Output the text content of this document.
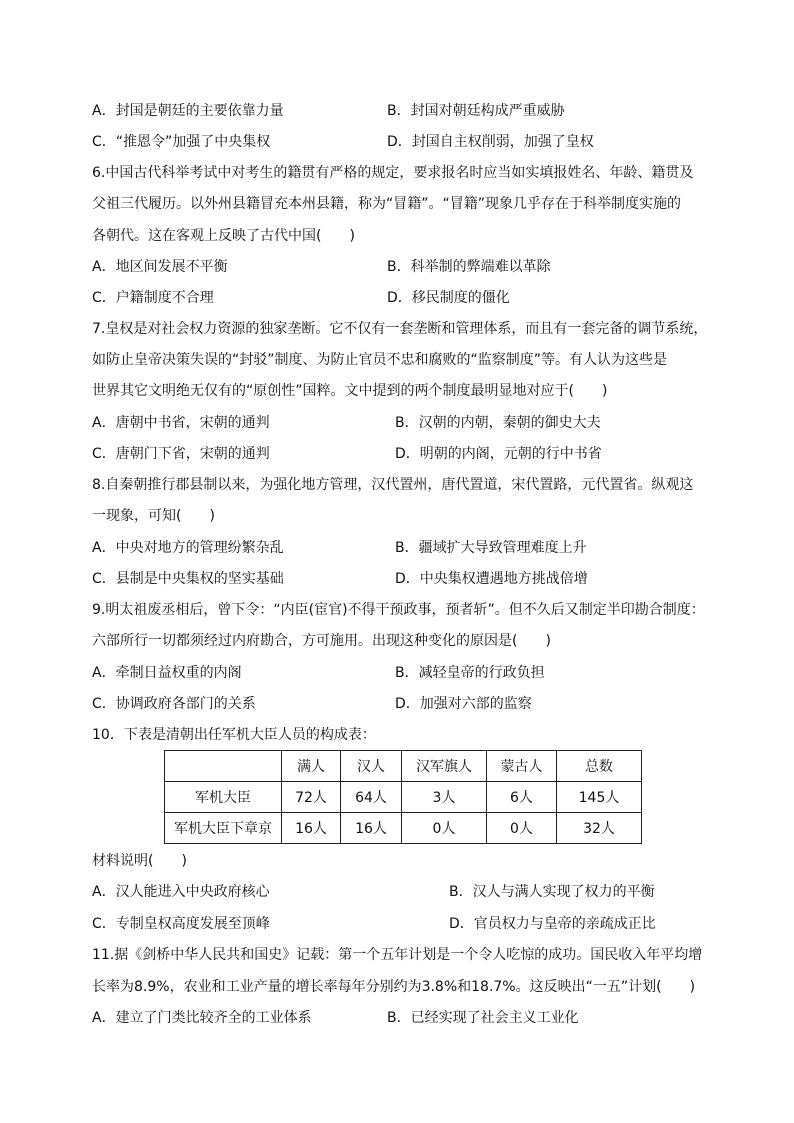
A．封国是朝廷的主要依靠力量	B．封国对朝廷构成严重威胁
C．“推恩令”加强了中央集权	D．封国自主权削弱，加强了皇权
6.中国古代科举考试中对考生的籍贯有严格的规定，要求报名时应当如实填报姓名、年龄、籍贯及
父祖三代履历。以外州县籍冒充本州县籍，称为“冒籍”。“冒籍”现象几乎存在于科举制度实施的
各朝代。这在客观上反映了古代中国(　　)
A．地区间发展不平衡	B．科举制的弊端难以革除
C．户籍制度不合理	D．移民制度的僵化
7.皇权是对社会权力资源的独家垄断。它不仅有一套垄断和管理体系，而且有一套完备的调节系统，
如防止皇帝决策失误的“封驳”制度、为防止官员不忠和腐败的“监察制度”等。有人认为这些是
世界其它文明绝无仅有的“原创性”国粹。文中提到的两个制度最明显地对应于(　　)
A．唐朝中书省，宋朝的通判	B．汉朝的内朝，秦朝的御史大夫
C．唐朝门下省，宋朝的通判	D．明朝的内阁，元朝的行中书省
8.自秦朝推行郡县制以来，为强化地方管理，汉代置州，唐代置道，宋代置路，元代置省。纵观这
一现象，可知(　　)
A．中央对地方的管理纷繁杂乱	B．疆域扩大导致管理难度上升
C．县制是中央集权的坚实基础	D．中央集权遭遇地方挑战倍增
9.明太祖废丞相后，曾下令：“内臣(宦官)不得干预政事，预者斩”。但不久后又制定半印勘合制度：
六部所行一切都须经过内府勘合，方可施用。出现这种变化的原因是(　　)
A．牵制日益权重的内阁	B．减轻皇帝的行政负担
C．协调政府各部门的关系	D．加强对六部的监察
10．下表是清朝出任军机大臣人员的构成表：
	满人	汉人	汉军旗人	蒙古人	总数
军机大臣	72人	64人	3人	6人	145人
军机大臣下章京	16人	16人	0人	0人	32人
材料说明(　　)
A．汉人能进入中央政府核心	B．汉人与满人实现了权力的平衡
C．专制皇权高度发展至顶峰	D．官员权力与皇帝的亲疏成正比
11.据《剑桥中华人民共和国史》记载：第一个五年计划是一个令人吃惊的成功。国民收入年平均增
长率为8.9%，农业和工业产量的增长率每年分别约为3.8%和18.7%。这反映出“一五”计划(　　)
A．建立了门类比较齐全的工业体系	B．已经实现了社会主义工业化
